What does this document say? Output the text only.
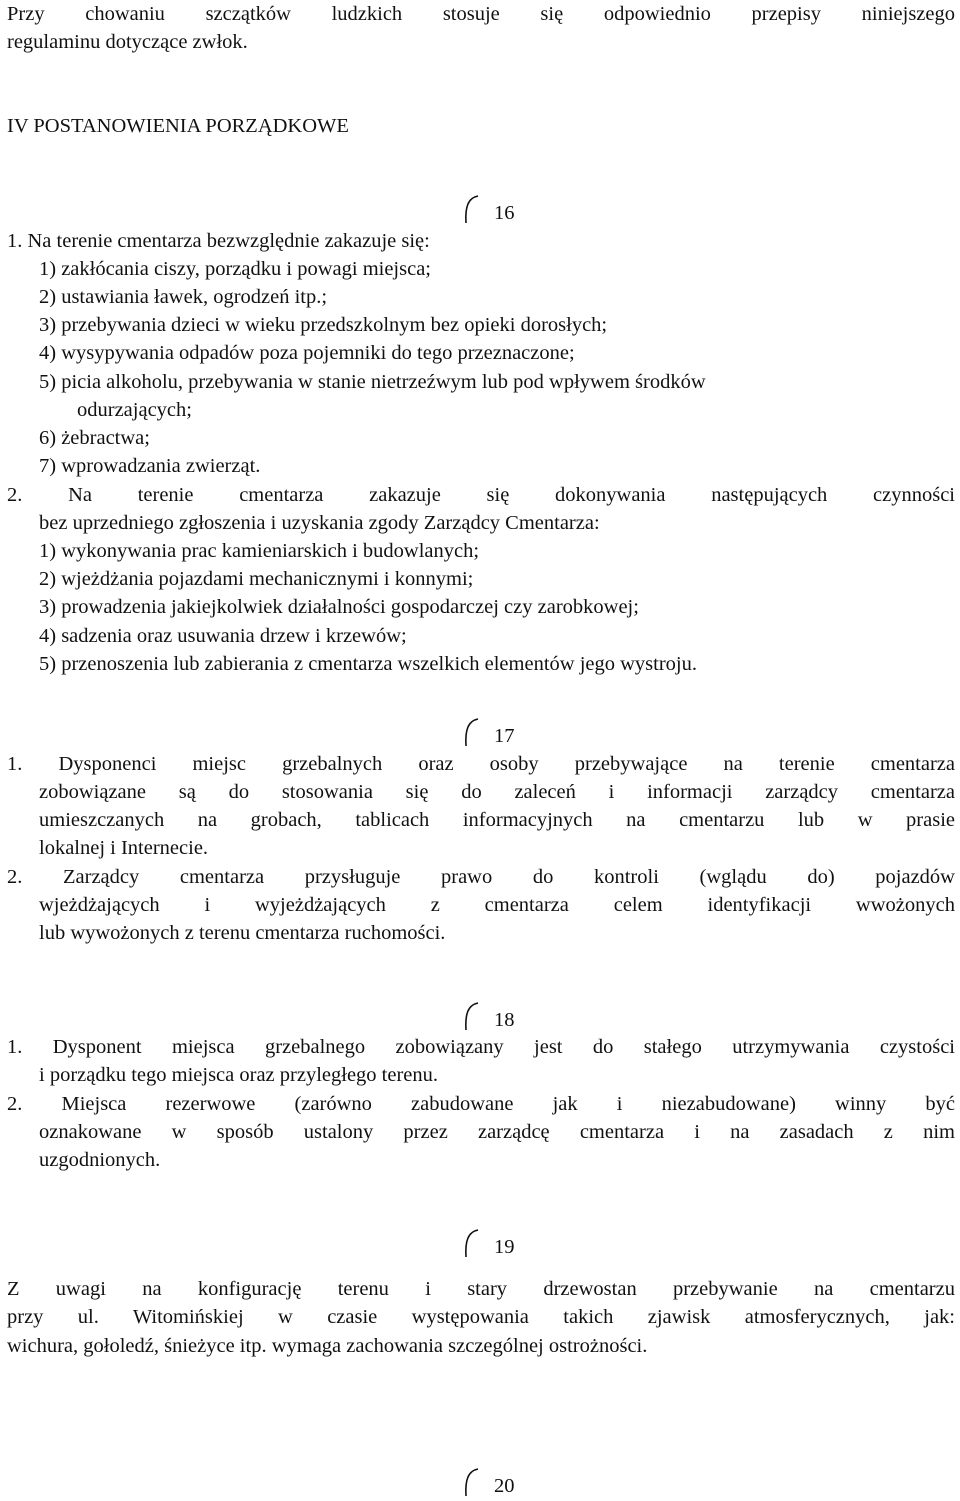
Przy chowaniu szczątków ludzkich stosuje się odpowiednio przepisy niniejszego
regulaminu dotyczące zwłok.
IV POSTANOWIENIA PORZĄDKOWE
16
1. Na terenie cmentarza bezwzględnie zakazuje się:
1) zakłócania ciszy, porządku i powagi miejsca;
2) ustawiania ławek, ogrodzeń itp.;
3) przebywania dzieci w wieku przedszkolnym bez opieki dorosłych;
4) wysypywania odpadów poza pojemniki do tego przeznaczone;
5) picia alkoholu, przebywania w stanie nietrzeźwym lub pod wpływem środków
odurzających;
6) żebractwa;
7) wprowadzania zwierząt.
2. Na terenie cmentarza zakazuje się dokonywania następujących czynności
bez uprzedniego zgłoszenia i uzyskania zgody Zarządcy Cmentarza:
1) wykonywania prac kamieniarskich i budowlanych;
2) wjeżdżania pojazdami mechanicznymi i konnymi;
3) prowadzenia jakiejkolwiek działalności gospodarczej czy zarobkowej;
4) sadzenia oraz usuwania drzew i krzewów;
5) przenoszenia lub zabierania z cmentarza wszelkich elementów jego wystroju.
17
1. Dysponenci miejsc grzebalnych oraz osoby przebywające na terenie cmentarza
zobowiązane są do stosowania się do zaleceń i informacji zarządcy cmentarza
umieszczanych na grobach, tablicach informacyjnych na cmentarzu lub w prasie
lokalnej i Internecie.
2. Zarządcy cmentarza przysługuje prawo do kontroli (wglądu do) pojazdów
wjeżdżających i wyjeżdżających z cmentarza celem identyfikacji wwożonych
lub wywożonych z terenu cmentarza ruchomości.
18
1. Dysponent miejsca grzebalnego zobowiązany jest do stałego utrzymywania czystości
i porządku tego miejsca oraz przyległego terenu.
2. Miejsca rezerwowe (zarówno zabudowane jak i niezabudowane) winny być
oznakowane w sposób ustalony przez zarządcę cmentarza i na zasadach z nim
uzgodnionych.
19
Z uwagi na konfigurację terenu i stary drzewostan przebywanie na cmentarzu
przy ul. Witomińskiej w czasie występowania takich zjawisk atmosferycznych, jak:
wichura, gołoledź, śnieżyce itp. wymaga zachowania szczególnej ostrożności.
20
